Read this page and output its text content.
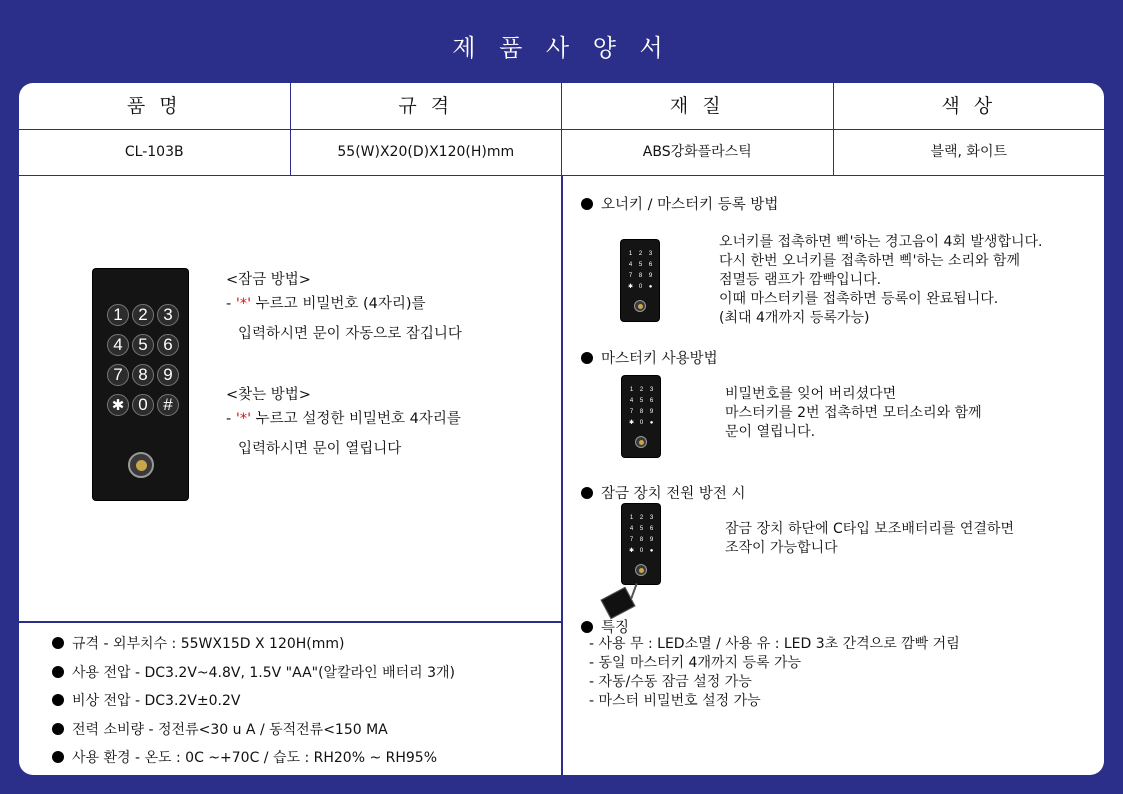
제 품 사 양 서
품 명	규 격	재 질	색 상
CL-103B	55(W)X20(D)X120(H)mm	ABS강화플라스틱	블랙, 화이트
1 2 3
4 5 6
7 8 9
✱ 0 #
<잠금 방법>
- '*' 누르고 비밀번호 (4자리)를
입력하시면 문이 자동으로 잠깁니다
<찾는 방법>
- '*' 누르고 설정한 비밀번호 4자리를
입력하시면 문이 열립니다
규격 - 외부치수 : 55WX15D X 120H(mm)
사용 전압 - DC3.2V~4.8V, 1.5V "AA"(알칼라인 배터리 3개)
비상 전압 - DC3.2V±0.2V
전력 소비량 - 정전류<30 u A / 동적전류<150 MA
사용 환경 - 온도 : 0C ~+70C / 습도 : RH20% ~ RH95%
오너키 / 마스터키 등록 방법
1	2	3
4	5	6
7	8	9
✱ 0	●
오너키를 접촉하면 삑'하는 경고음이 4회 발생합니다.
다시 한번 오너키를 접촉하면 삑'하는 소리와 함께
점멸등 램프가 깜빡입니다.
이때 마스터키를 접촉하면 등록이 완료됩니다.
(최대 4개까지 등록가능)
마스터키 사용방법
1	2	3
4	5	6
7	8	9
✱ 0	●
비밀번호를 잊어 버리셨다면
마스터키를 2번 접촉하면 모터소리와 함께
문이 열립니다.
잠금 장치 전원 방전 시
1	2	3
4	5	6
7	8	9
✱ 0	●
잠금 장치 하단에 C타입 보조배터리를 연결하면
조작이 가능합니다
특징
- 사용 무 : LED소멸 / 사용 유 : LED 3초 간격으로 깜빡 거림
- 동일 마스터키 4개까지 등록 가능
- 자동/수동 잠금 설정 가능
- 마스터 비밀번호 설정 가능
